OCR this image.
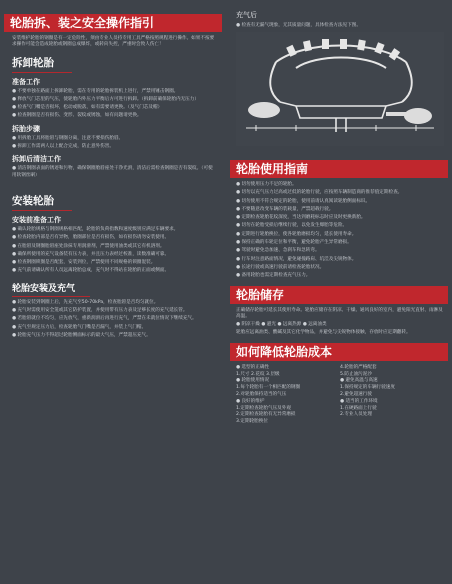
轮胎拆、装之安全操作指引
安装维护轮胎的钢圈是有一定危险性，须由专业人员持专用工具严格按照规程进行操作。如果不按要求操作可能会造成轮胎或钢圈总成爆炸，或转向失控，严重时会致人伤亡！
拆卸轮胎
准备工作
● 不要单独在路面上拆卸轮胎，需在专用的轮胎拆装机上进行，严禁用锤击钢圈。
● 释放气门芯里的气压，使轮胎内外压力平衡后方可进行拆卸。（拆卸前确保轮胎内无压力）
● 检查气门嘴是否损坏，松动或脱落，如有需要请更换。（及气门芯及帽）
● 检查钢圈是否有损伤、变形、裂纹或锈蚀，如有问题请更换。
拆胎步骤
● 用拆胎工具将胎唇与钢圈分离，注意不要损伤胎唇。
● 拆卸工作需两人以上配合完成，防止意外伤害。
拆卸后清洁工作
● 清洁钢圈表面的锈迹和污物，确保钢圈胎唇座处干净光滑，清洁后需检查钢圈是否有裂纹。（可使用软钢丝刷）
安装轮胎
安装前准备工作
● 确认轮胎规格与钢圈规格相匹配，轮胎的负荷指数和速度级别应满足车辆要求。
● 检查轮胎内部是否有异物，胎圈部位是否有损伤，如有损伤请勿安装使用。
● 在胎唇及钢圈胎唇座处涂抹专用润滑剂，严禁使用油类或其它有机溶剂。
● 确保所使用的充气设备装有压力表，并且压力表经过校准，读数准确可靠。
● 检查钢圈锁圈是否配套，安装到位，严禁使用不同规格的锁圈混装。
● 充气前请确认所有人员远离轮胎总成，充气时不得站在轮胎的正面或侧面。
轮胎安装及充气
● 轮胎安装到钢圈上后，先充气至50-70kPa，检查胎唇是否均匀就位。
● 充气时需使用安全笼或其它防护装置，并使用带有压力表及足够长度的充气延长管。
● 若胎唇就位不均匀，应先放气，重新润滑后再进行充气，严禁在未就位情况下继续充气。
● 充气至规定压力后，检查轮胎气门嘴是否漏气，并装上气门帽。
● 轮胎充气压力不得超过轮胎侧面标示的最大气压，严禁超压充气。
充气后
● 检查有无漏气现象，无其质量问题，具体检查方法见下图。
轮胎使用指南
● 切勿使用压力不足的轮胎。
● 切勿以充气压力过高或过低的轮胎行驶，应按照车辆制造商的推荐值定期检查。
● 切勿使用不符合规定的轮胎，使用前请认真阅读轮胎侧面标识。
● 不要随意改变车辆的装载量，严禁超载行驶。
● 定期检查轮胎花纹深度，当达到磨耗标志时应及时更换新胎。
● 切勿在轮胎受损后继续行驶，以免发生爆胎等危险。
● 定期进行轮胎换位，使各轮胎磨损均匀，延长使用寿命。
● 保持正确的车轮定位和平衡，避免轮胎产生异常磨损。
● 驾驶时避免急加速、急刹车和急转弯。
● 行车时注意路面情况，避免碰撞路肩、坑洼及尖锐物体。
● 长途行驶或高速行驶前请检查轮胎状况。
● 备用轮胎也需定期检查充气压力。
轮胎储存
正确储存轮胎可延长其使用寿命。轮胎应储存在阴凉、干燥、通风良好的室内，避免阳光直射、雨淋及高温。
● 阴凉干燥 ● 避光 ● 远离热源 ● 远离油类
轮胎应远离油类、酸碱及其它化学物品，并避免与尖锐物体接触，存放时应定期翻转。
如何降低轮胎成本
● 选型的正确性
1.尺寸 2.花纹 3.层级
● 轮胎使用情况
1.每个轮胎有一个相匹配的钢圈
2.对轮胎保持适当的气压
● 良好的维护
1.定期检查轮胎气压及外观
2.定期检查轮胎有无异常磨损
3.定期轮胎换位
4.轮胎的严格配套
5.防止油污泥沙
● 避免高温与高速
1.保持规定的车辆行驶速度
2.避免超速行驶
● 适当的工作环境
1.在硬路面上行驶
2.专业人员处理
